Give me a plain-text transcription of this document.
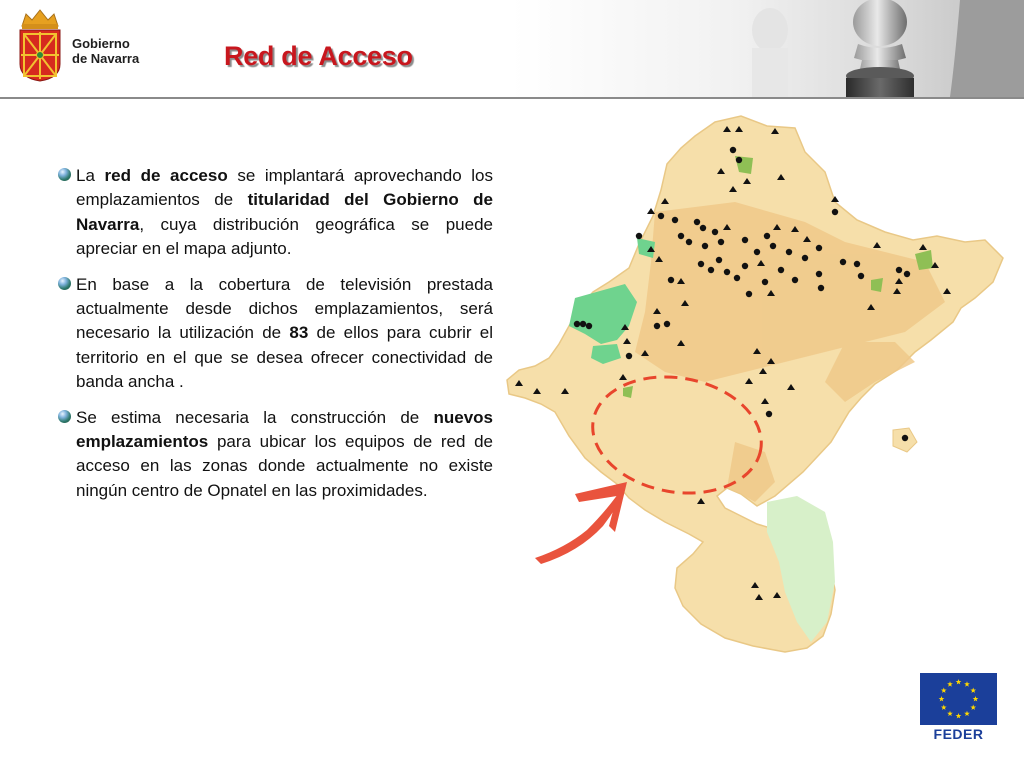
Gobierno
de Navarra	Red de Acceso
La red de acceso se implantará aprovechando los emplazamientos de titularidad del Gobierno de Navarra, cuya distribución geográfica se puede apreciar en el mapa adjunto.
En base a la cobertura de televisión prestada actualmente desde dichos emplazamientos, será necesario la utilización de 83 de ellos para cubrir el territorio en el que se desea ofrecer conectividad de banda ancha .
Se estima necesaria la construcción de nuevos emplazamientos para ubicar los equipos de red de acceso en las zonas donde actualmente no existe ningún centro de Opnatel en las proximidades.
FEDER
